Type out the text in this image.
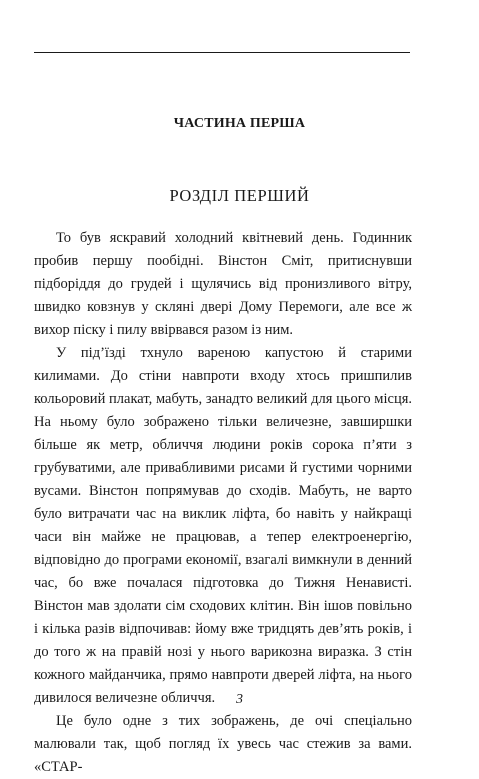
ЧАСТИНА ПЕРША
РОЗДІЛ ПЕРШИЙ

То був яскравий холодний квітневий день. Годинник пробив першу пообідні. Вінстон Сміт, притиснувши підборіддя до грудей і щулячись від пронизливого вітру, швидко ковзнув у скляні двері Дому Перемоги, але все ж вихор піску і пилу ввірвався разом із ним.

У під’їзді тхнуло вареною капустою й старими килимами. До стіни навпроти входу хтось пришпилив кольоровий плакат, мабуть, занадто великий для цього місця. На ньому було зображено тільки величезне, завширшки більше як метр, обличчя людини років сорока п’яти з грубуватими, але привабливими рисами й густими чорними вусами. Вінстон попрямував до сходів. Мабуть, не варто було витрачати час на виклик ліфта, бо навіть у найкращі часи він майже не працював, а тепер електроенергію, відповідно до програми економії, взагалі вимкнули в денний час, бо вже почалася підготовка до Тижня Ненависті. Вінстон мав здолати сім сходових клітин. Він ішов повільно і кілька разів відпочивав: йому вже тридцять дев’ять років, і до того ж на правій нозі у нього варикозна виразка. З стін кожного майданчика, прямо навпроти дверей ліфта, на нього дивилося величезне обличчя.

Це було одне з тих зображень, де очі спеціально малювали так, щоб погляд їх увесь час стежив за вами. «СТАР-

3
